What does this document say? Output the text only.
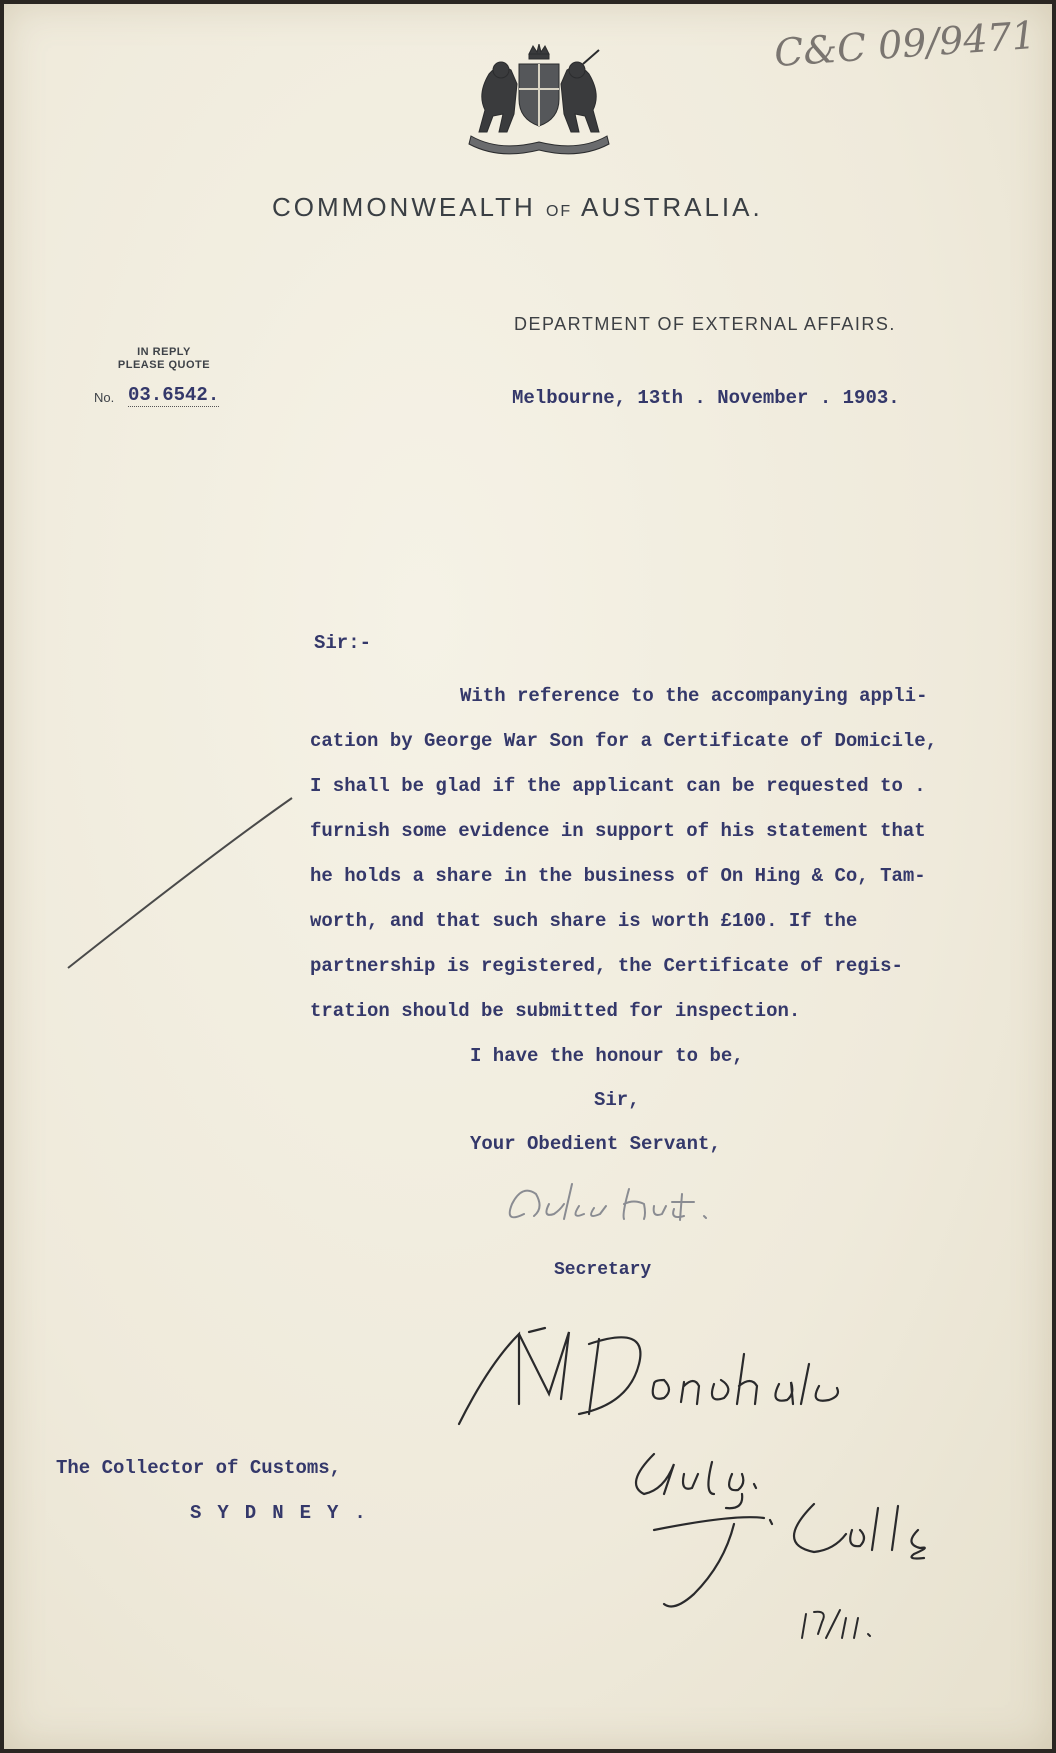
C&C 09/9471
COMMONWEALTH OF AUSTRALIA.
DEPARTMENT OF EXTERNAL AFFAIRS.
IN REPLY
PLEASE QUOTE
No. 03.6542.	Melbourne, 13th . November . 1903.
Sir:-
With reference to the accompanying appli-
cation by George War Son for a Certificate of Domicile,
I shall be glad if the applicant can be requested to .
furnish some evidence in support of his statement that
he holds a share in the business of On Hing & Co, Tam-
worth, and that such share is worth £100. If the
partnership is registered, the Certificate of regis-
tration should be submitted for inspection.
I have the honour to be,
Sir,
Your Obedient Servant,
Secretary
The Collector of Customs,
SYDNEY.
